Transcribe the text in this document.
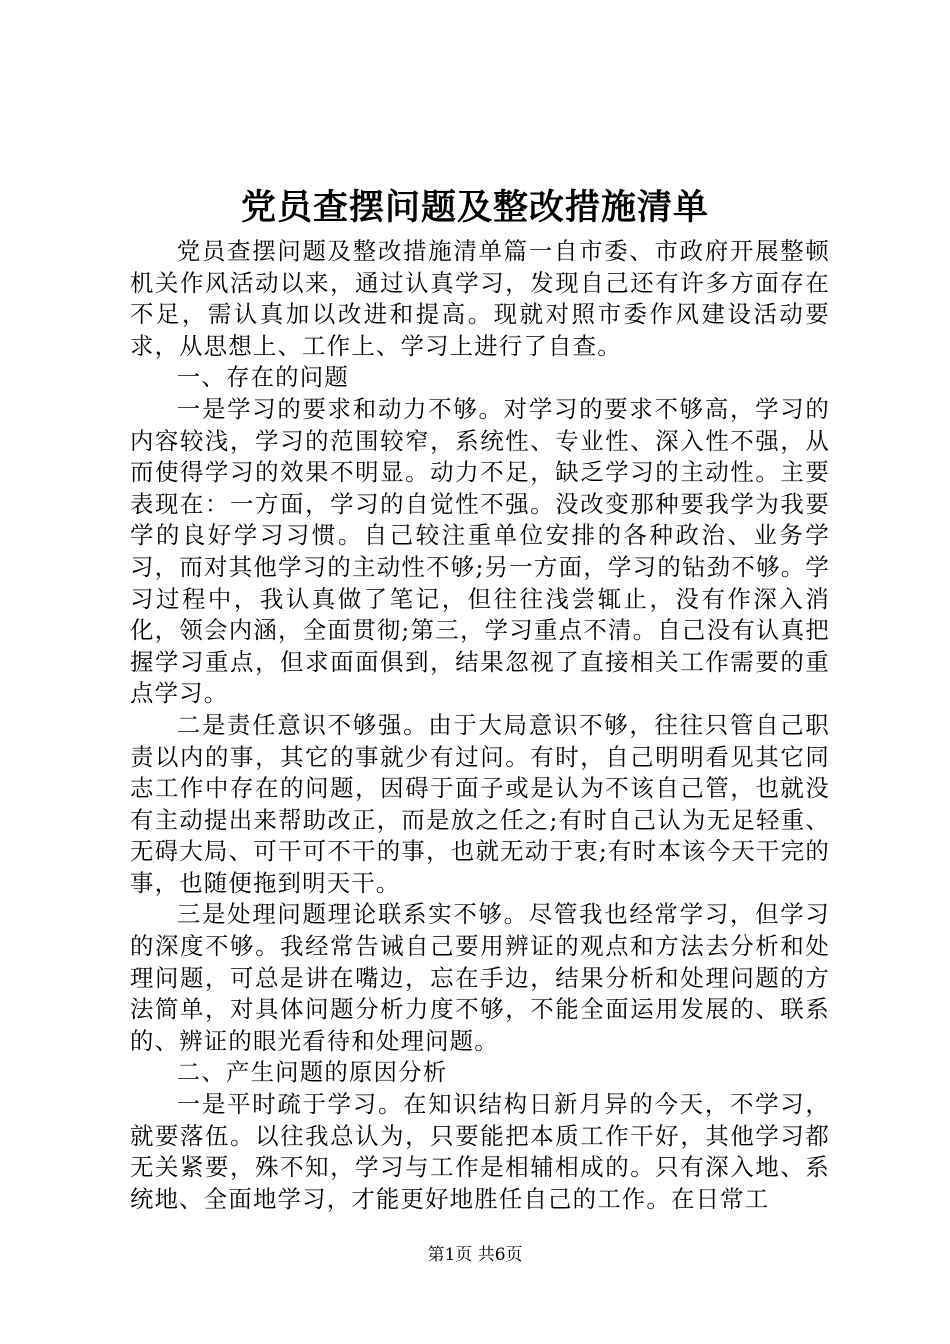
党员查摆问题及整改措施清单

党员查摆问题及整改措施清单篇一自市委、市政府开展整顿机关作风活动以来，通过认真学习，发现自己还有许多方面存在不足，需认真加以改进和提高。现就对照市委作风建设活动要求，从思想上、工作上、学习上进行了自查。

一、存在的问题

一是学习的要求和动力不够。对学习的要求不够高，学习的内容较浅，学习的范围较窄，系统性、专业性、深入性不强，从而使得学习的效果不明显。动力不足，缺乏学习的主动性。主要表现在：一方面，学习的自觉性不强。没改变那种要我学为我要学的良好学习习惯。自己较注重单位安排的各种政治、业务学习，而对其他学习的主动性不够;另一方面，学习的钻劲不够。学习过程中，我认真做了笔记，但往往浅尝辄止，没有作深入消化，领会内涵，全面贯彻;第三，学习重点不清。自己没有认真把握学习重点，但求面面俱到，结果忽视了直接相关工作需要的重点学习。

二是责任意识不够强。由于大局意识不够，往往只管自己职责以内的事，其它的事就少有过问。有时，自己明明看见其它同志工作中存在的问题，因碍于面子或是认为不该自己管，也就没有主动提出来帮助改正，而是放之任之;有时自己认为无足轻重、无碍大局、可干可不干的事，也就无动于衷;有时本该今天干完的事，也随便拖到明天干。

三是处理问题理论联系实不够。尽管我也经常学习，但学习的深度不够。我经常告诫自己要用辨证的观点和方法去分析和处理问题，可总是讲在嘴边，忘在手边，结果分析和处理问题的方法简单，对具体问题分析力度不够，不能全面运用发展的、联系的、辨证的眼光看待和处理问题。

二、产生问题的原因分析

一是平时疏于学习。在知识结构日新月异的今天，不学习，就要落伍。以往我总认为，只要能把本质工作干好，其他学习都无关紧要，殊不知，学习与工作是相辅相成的。只有深入地、系统地、全面地学习，才能更好地胜任自己的工作。在日常工

第1页 共6页
